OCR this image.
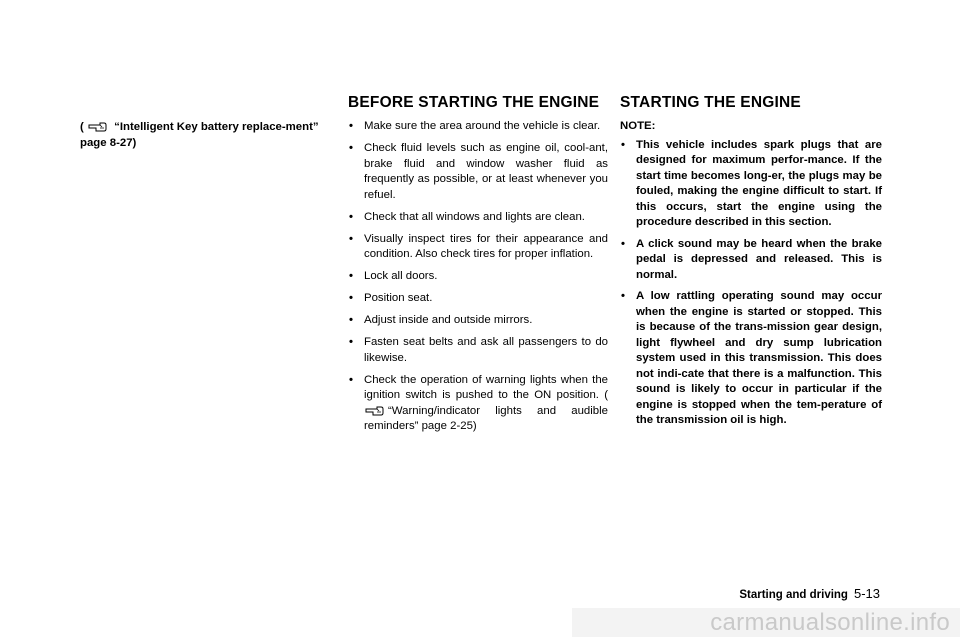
(	“Intelligent Key battery replace-ment” page 8-27)
BEFORE STARTING THE ENGINE
• Make sure the area around the vehicle is clear.
• Check fluid levels such as engine oil, cool-ant, brake fluid and window washer fluid as frequently as possible, or at least whenever you refuel.
• Check that all windows and lights are clean.
• Visually inspect tires for their appearance and condition. Also check tires for proper inflation.
• Lock all doors.
• Position seat.
• Adjust inside and outside mirrors.
• Fasten seat belts and ask all passengers to do likewise.
• Check the operation of warning lights when the ignition switch is pushed to the ON position. (“Warning/indicator lights and audible reminders” page 2-25)
STARTING THE ENGINE
NOTE:
• This vehicle includes spark plugs that are designed for maximum perfor-mance. If the start time becomes long-er, the plugs may be fouled, making the engine difficult to start. If this occurs, start the engine using the procedure described in this section.
• A click sound may be heard when the brake pedal is depressed and released. This is normal.
• A low rattling operating sound may occur when the engine is started or stopped. This is because of the trans-mission gear design, light flywheel and dry sump lubrication system used in this transmission. This does not indi-cate that there is a malfunction. This sound is likely to occur in particular if the engine is stopped when the tem-perature of the transmission oil is high.
Starting and driving 5-13
carmanualsonline.info
